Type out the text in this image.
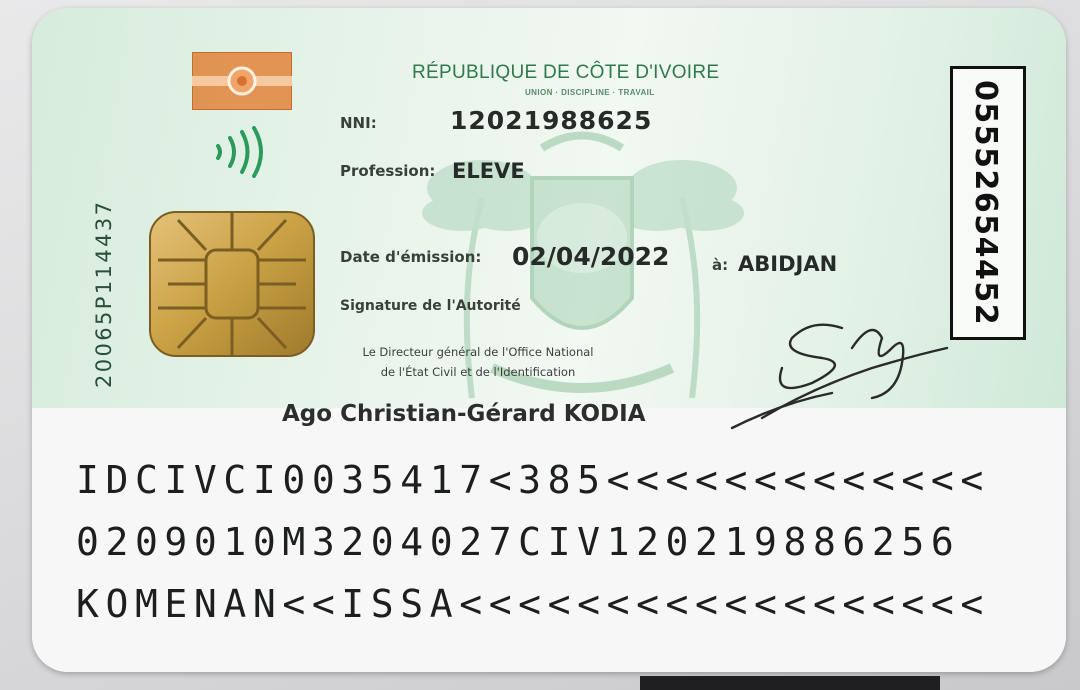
RÉPUBLIQUE DE CÔTE D'IVOIRE
UNION · DISCIPLINE · TRAVAIL
20065P114437
NNI:	12021988625
Profession: ELEVE
Date d'émission: 02/04/2022	à: ABIDJAN
Signature de l'Autorité
Le Directeur général de l'Office National
de l'État Civil et de l'Identification
05552654452
Ago Christian-Gérard KODIA
IDCIVCI0035417<385<<<<<<<<<<<<<
0209010M3204027CIV120219886256
KOMENAN<<ISSA<<<<<<<<<<<<<<<<<<
